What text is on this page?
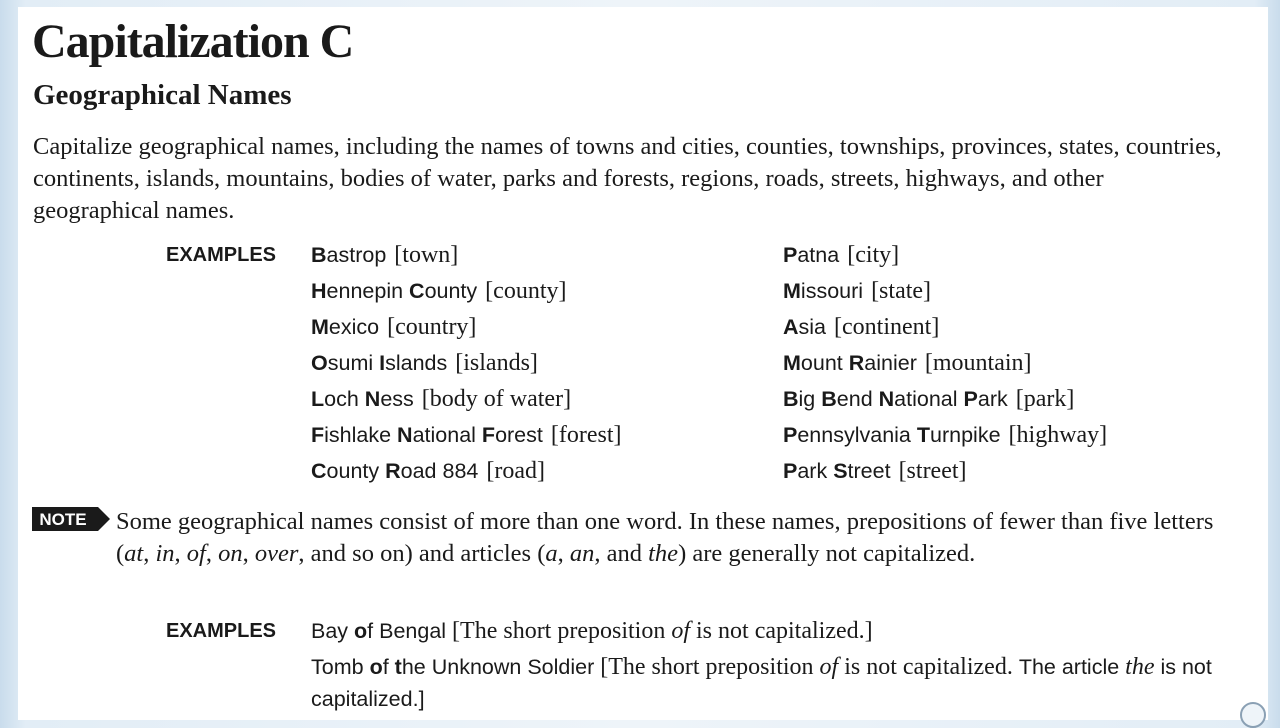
Capitalization C
Geographical Names

Capitalize geographical names, including the names of towns and cities, counties, townships, provinces, states, countries, continents, islands, mountains, bodies of water, parks and forests, regions, roads, streets, highways, and other geographical names.

EXAMPLES Bastrop [town]
Hennepin County [county]
Mexico [country]
Osumi Islands [islands]
Loch Ness [body of water]
Fishlake National Forest [forest]
County Road 884 [road]
Patna [city]
Missouri [state]
Asia [continent]
Mount Rainier [mountain]
Big Bend National Park [park]
Pennsylvania Turnpike [highway]
Park Street [street]
NOTE Some geographical names consist of more than one word. In these names, prepositions of fewer than five letters (at, in, of, on, over, and so on) and articles (a, an, and the) are generally not capitalized.

EXAMPLES Bay of Bengal [The short preposition of is not capitalized.]
Tomb of the Unknown Soldier [The short preposition of is not capitalized. The article the is not capitalized.]
